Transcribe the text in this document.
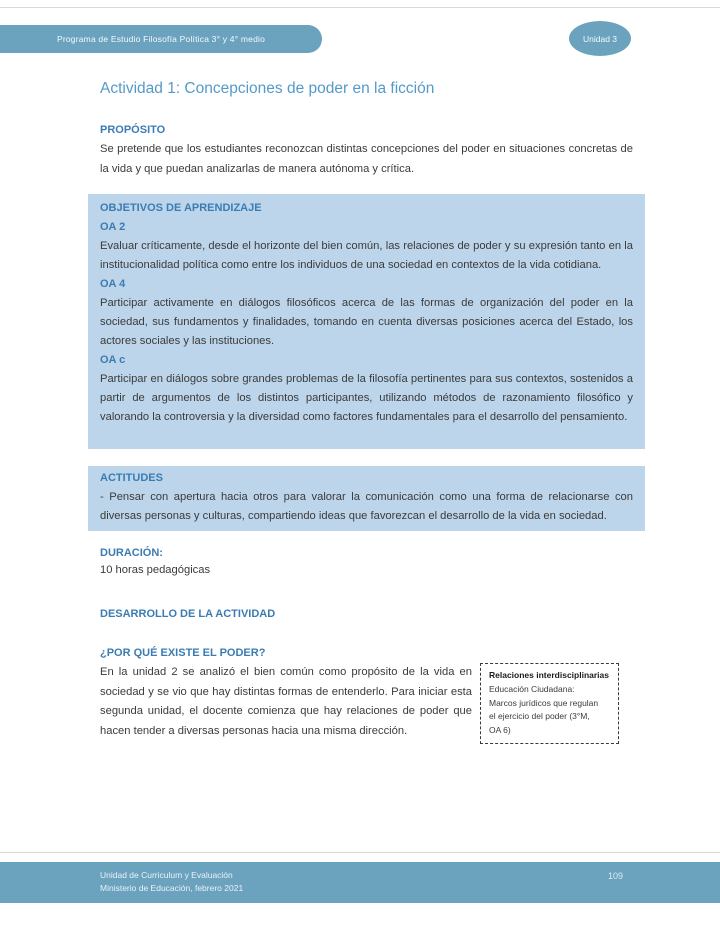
Programa de Estudio Filosofía Política 3° y 4° medio	Unidad 3
Actividad 1: Concepciones de poder en la ficción
PROPÓSITO
Se pretende que los estudiantes reconozcan distintas concepciones del poder en situaciones concretas de la vida y que puedan analizarlas de manera autónoma y crítica.
OBJETIVOS DE APRENDIZAJE
OA 2
Evaluar críticamente, desde el horizonte del bien común, las relaciones de poder y su expresión tanto en la institucionalidad política como entre los individuos de una sociedad en contextos de la vida cotidiana.
OA 4
Participar activamente en diálogos filosóficos acerca de las formas de organización del poder en la sociedad, sus fundamentos y finalidades, tomando en cuenta diversas posiciones acerca del Estado, los actores sociales y las instituciones.
OA c
Participar en diálogos sobre grandes problemas de la filosofía pertinentes para sus contextos, sostenidos a partir de argumentos de los distintos participantes, utilizando métodos de razonamiento filosófico y valorando la controversia y la diversidad como factores fundamentales para el desarrollo del pensamiento.
ACTITUDES
- Pensar con apertura hacia otros para valorar la comunicación como una forma de relacionarse con diversas personas y culturas, compartiendo ideas que favorezcan el desarrollo de la vida en sociedad.
DURACIÓN:
10 horas pedagógicas
DESARROLLO DE LA ACTIVIDAD
¿POR QUÉ EXISTE EL PODER?
En la unidad 2 se analizó el bien común como propósito de la vida en sociedad y se vio que hay distintas formas de entenderlo. Para iniciar esta segunda unidad, el docente comienza que hay relaciones de poder que hacen tender a diversas personas hacia una misma dirección.
Relaciones interdisciplinarias
Educación Ciudadana:
Marcos jurídicos que regulan
el ejercicio del poder (3°M,
OA 6)
Unidad de Curriculum y Evaluación
Ministerio de Educación, febrero 2021
109
